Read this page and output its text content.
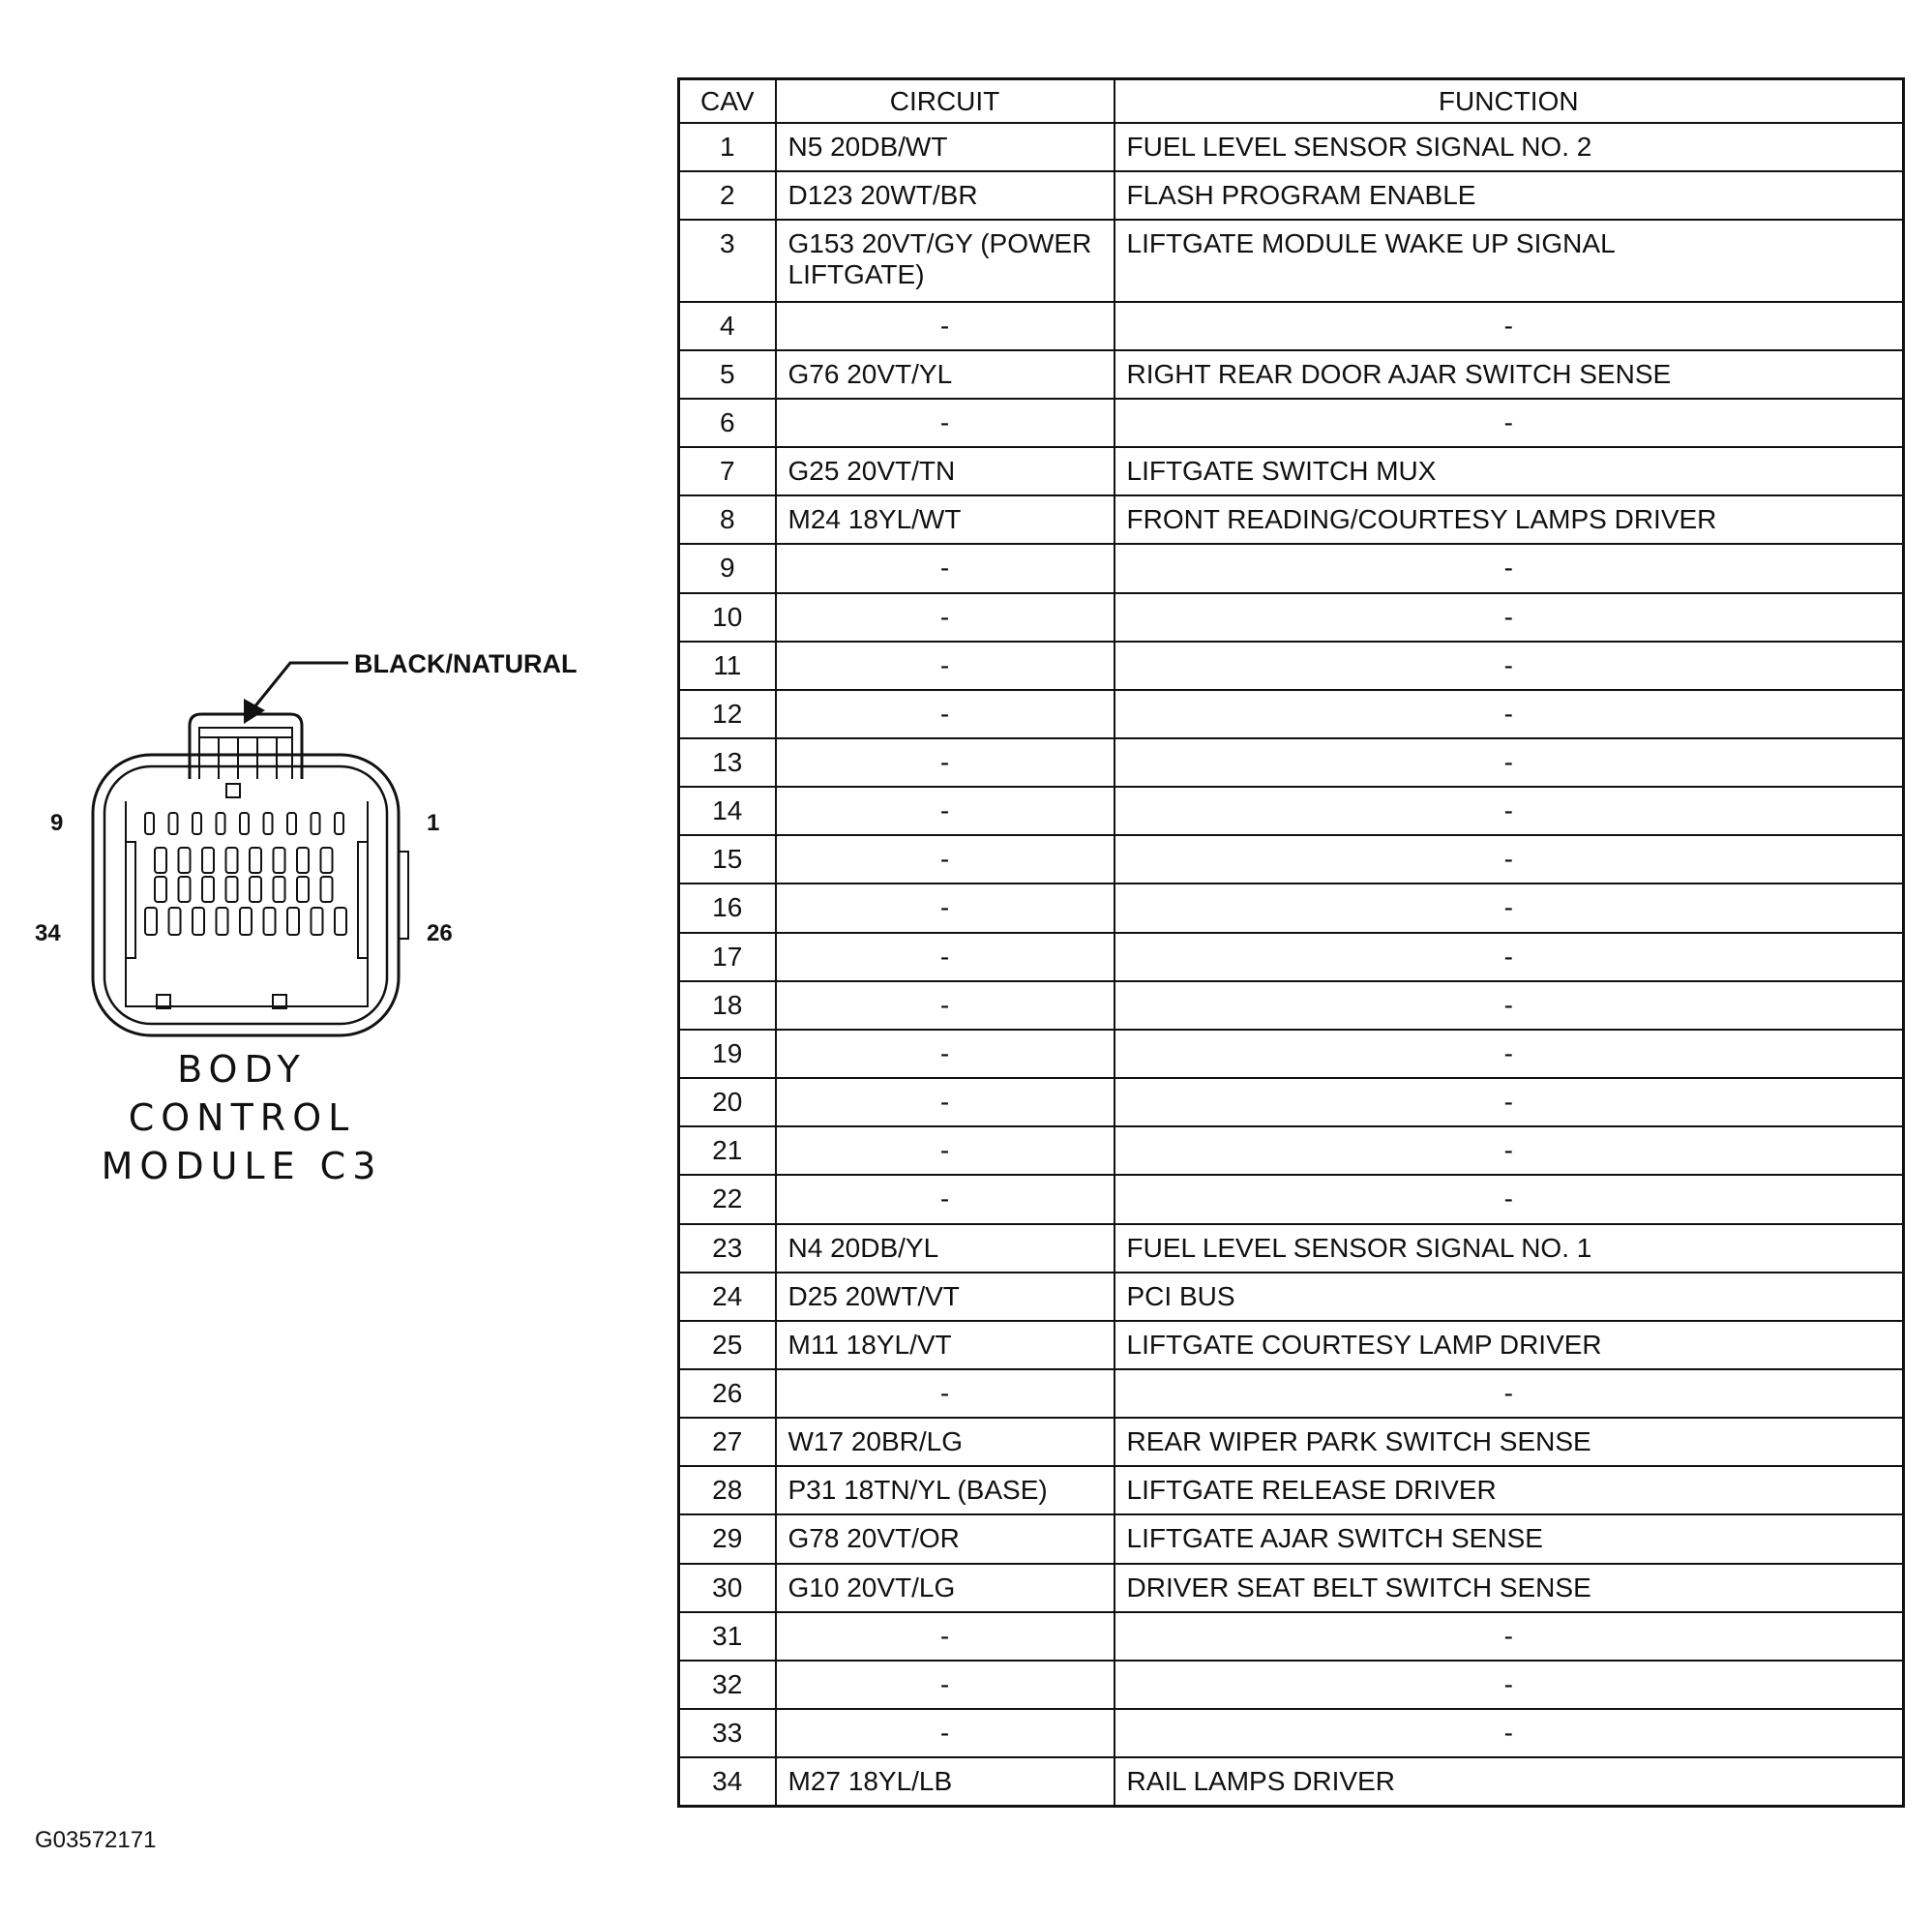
BLACK/NATURAL
9	1
34	26
BODY
CONTROL
MODULE C3
G03572171
CAV	CIRCUIT	FUNCTION
1	N5 20DB/WT	FUEL LEVEL SENSOR SIGNAL NO. 2
2	D123 20WT/BR	FLASH PROGRAM ENABLE
3	G153 20VT/GY (POWER LIFTGATE)	LIFTGATE MODULE WAKE UP SIGNAL
4	-	-
5	G76 20VT/YL	RIGHT REAR DOOR AJAR SWITCH SENSE
6	-	-
7	G25 20VT/TN	LIFTGATE SWITCH MUX
8	M24 18YL/WT	FRONT READING/COURTESY LAMPS DRIVER
9	-	-
10	-	-
11	-	-
12	-	-
13	-	-
14	-	-
15	-	-
16	-	-
17	-	-
18	-	-
19	-	-
20	-	-
21	-	-
22	-	-
23	N4 20DB/YL	FUEL LEVEL SENSOR SIGNAL NO. 1
24	D25 20WT/VT	PCI BUS
25	M11 18YL/VT	LIFTGATE COURTESY LAMP DRIVER
26	-	-
27	W17 20BR/LG	REAR WIPER PARK SWITCH SENSE
28	P31 18TN/YL (BASE)	LIFTGATE RELEASE DRIVER
29	G78 20VT/OR	LIFTGATE AJAR SWITCH SENSE
30	G10 20VT/LG	DRIVER SEAT BELT SWITCH SENSE
31	-	-
32	-	-
33	-	-
34	M27 18YL/LB	RAIL LAMPS DRIVER
